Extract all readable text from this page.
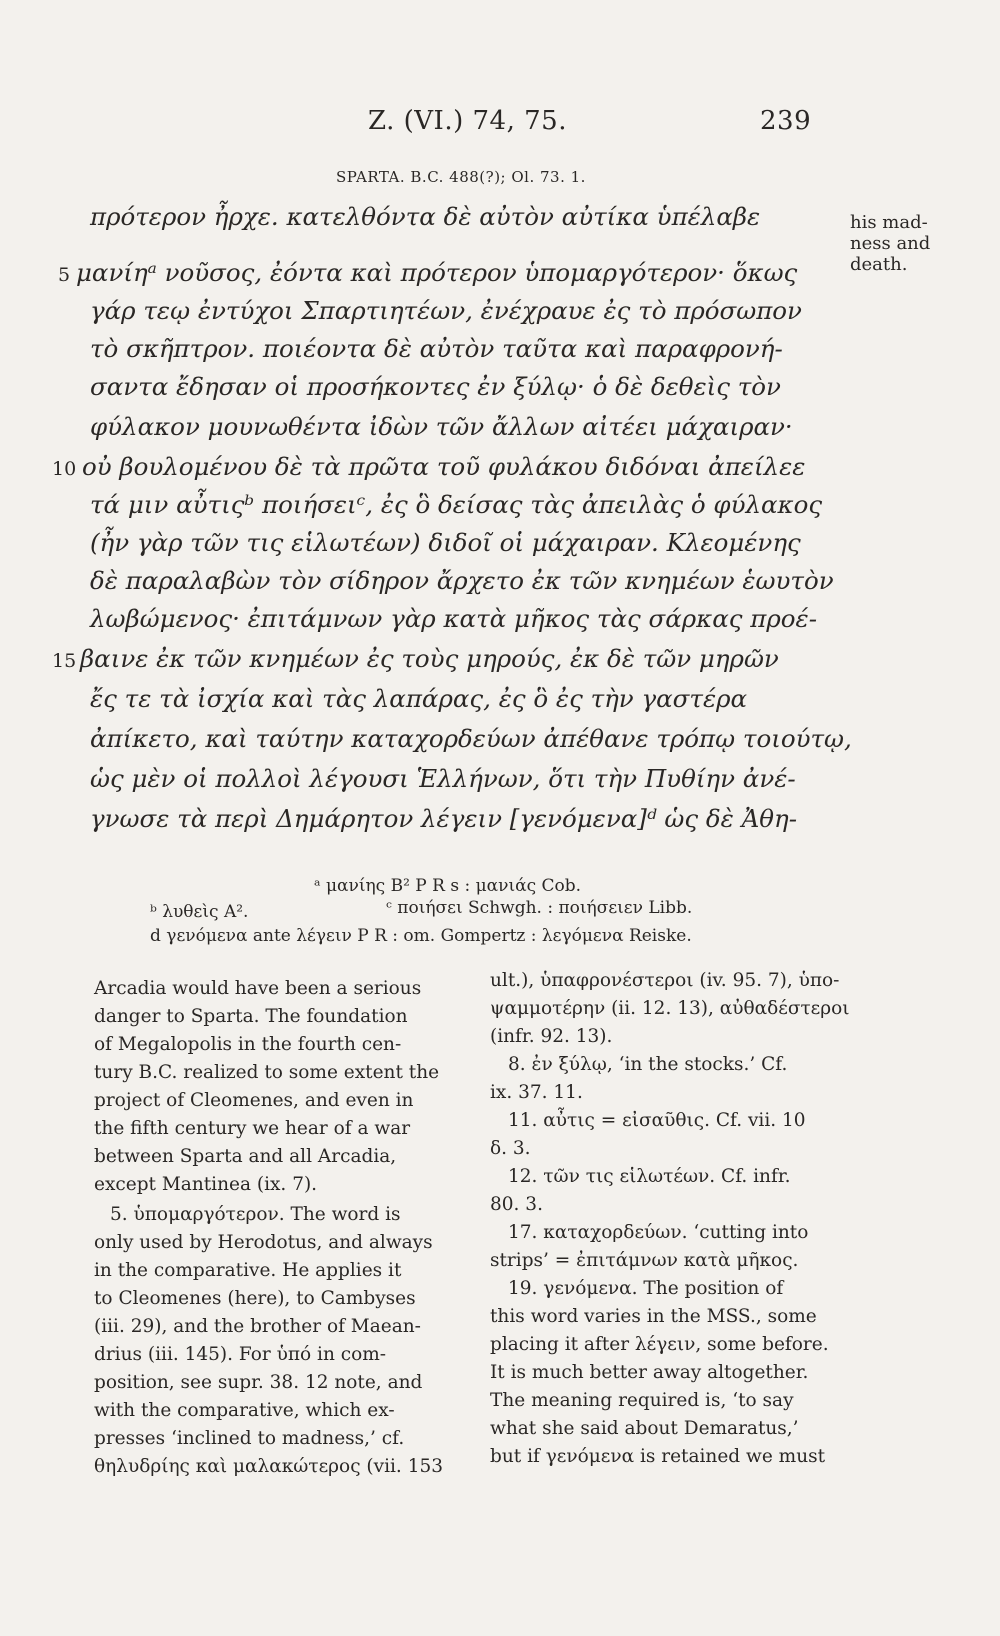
Z. (VI.) 74, 75.	239
SPARTA. B.C. 488(?); Ol. 73. 1.
his mad-
ness and
death.
πρότερον ἦρχε. κατελθόντα δὲ αὐτὸν αὐτίκα ὑπέλαβε
5 μανίηᵃ νοῦσος, ἐόντα καὶ πρότερον ὑπομαργότερον· ὅκως
γάρ τεῳ ἐντύχοι Σπαρτιητέων, ἐνέχραυε ἐς τὸ πρόσωπον
τὸ σκῆπτρον. ποιέοντα δὲ αὐτὸν ταῦτα καὶ παραφρονή-
σαντα ἔδησαν οἱ προσήκοντες ἐν ξύλῳ· ὁ δὲ δεθεὶς τὸν
φύλακον μουνωθέντα ἰδὼν τῶν ἄλλων αἰτέει μάχαιραν·
10 οὐ βουλομένου δὲ τὰ πρῶτα τοῦ φυλάκου διδόναι ἀπείλεε
τά μιν αὖτιςᵇ ποιήσειᶜ, ἐς ὃ δείσας τὰς ἀπειλὰς ὁ φύλακος
(ἦν γὰρ τῶν τις εἱλωτέων) διδοῖ οἱ μάχαιραν. Κλεομένης
δὲ παραλαβὼν τὸν σίδηρον ἄρχετο ἐκ τῶν κνημέων ἑωυτὸν
λωβώμενος· ἐπιτάμνων γὰρ κατὰ μῆκος τὰς σάρκας προέ-
15 βαινε ἐκ τῶν κνημέων ἐς τοὺς μηρούς, ἐκ δὲ τῶν μηρῶν
ἔς τε τὰ ἰσχία καὶ τὰς λαπάρας, ἐς ὃ ἐς τὴν γαστέρα
ἀπίκετο, καὶ ταύτην καταχορδεύων ἀπέθανε τρόπῳ τοιούτῳ,
ὡς μὲν οἱ πολλοὶ λέγουσι Ἑλλήνων, ὅτι τὴν Πυθίην ἀνέ-
γνωσε τὰ περὶ Δημάρητον λέγειν [γενόμενα]ᵈ ὡς δὲ Ἀθη-
ᵃ μανίης B² P R s : μανιάς Cob.
ᵇ λυθεὶς A².	ᶜ ποιήσει Schwgh. : ποιήσειεν Libb.
d γενόμενα ante λέγειν P R : om. Gompertz : λεγόμενα Reiske.
Arcadia would have been a serious
danger to Sparta. The foundation
of Megalopolis in the fourth cen-
tury B.C. realized to some extent the
project of Cleomenes, and even in
the fifth century we hear of a war
between Sparta and all Arcadia,
except Mantinea (ix. 7).
5. ὑπομαργότερον. The word is
only used by Herodotus, and always
in the comparative. He applies it
to Cleomenes (here), to Cambyses
(iii. 29), and the brother of Maean-
drius (iii. 145). For ὑπό in com-
position, see supr. 38. 12 note, and
with the comparative, which ex-
presses ‘inclined to madness,’ cf.
θηλυδρίης καὶ μαλακώτερος (vii. 153
ult.), ὑπαφρονέστεροι (iv. 95. 7), ὑπο-
ψαμμοτέρην (ii. 12. 13), αὐθαδέστεροι
(infr. 92. 13).
8. ἐν ξύλῳ, ‘in the stocks.’ Cf.
ix. 37. 11.
11. αὖτις = εἰσαῦθις. Cf. vii. 10
δ. 3.
12. τῶν τις εἱλωτέων. Cf. infr.
80. 3.
17. καταχορδεύων. ‘cutting into
strips’ = ἐπιτάμνων κατὰ μῆκος.
19. γενόμενα. The position of
this word varies in the MSS., some
placing it after λέγειν, some before.
It is much better away altogether.
The meaning required is, ‘to say
what she said about Demaratus,’
but if γενόμενα is retained we must
